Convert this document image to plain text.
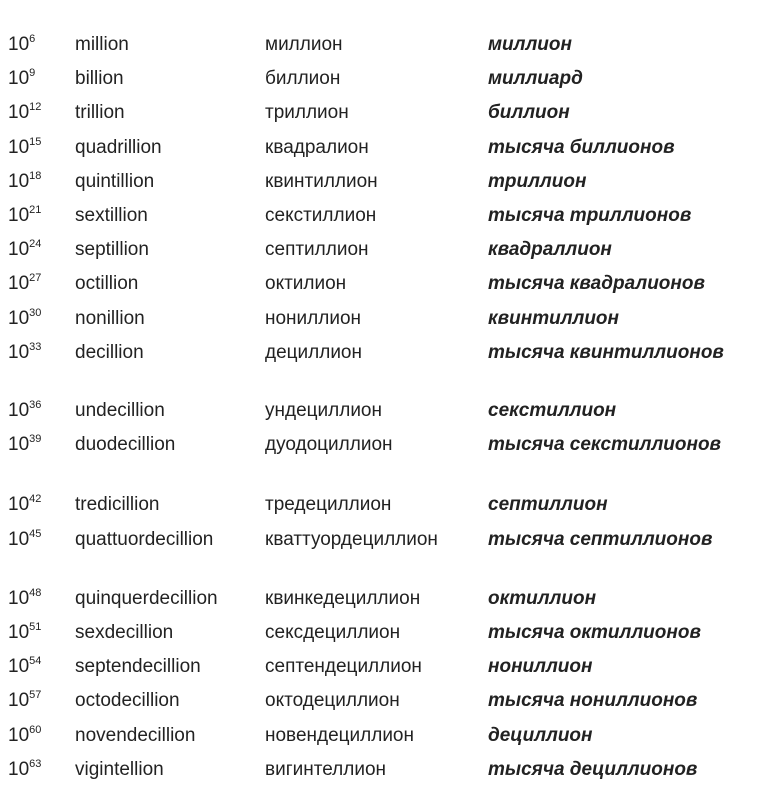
$10^6$ million	миллион	миллион
$10^9$ billion	биллион	миллиард
$10^{12}$ trillion	триллион	биллион
$10^{15}$ quadrillion	квадралион	тысяча биллионов
$10^{18}$ quintillion	квинтиллион	триллион
$10^{21}$ sextillion	секстиллион	тысяча триллионов
$10^{24}$ septillion	септиллион	квадраллион
$10^{27}$ octillion	октилион	тысяча квадралионов
$10^{30}$ nonillion	нониллион	квинтиллион
$10^{33}$ decillion	дециллион	тысяча квинтиллионов
$10^{36}$ undecillion	ундециллион	секстиллион
$10^{39}$ duodecillion	дуодоциллион	тысяча секстиллионов
$10^{42}$ tredicillion	тредециллион	септиллион
$10^{45}$ quattuordecillion	кваттуордециллион	тысяча септиллионов
$10^{48}$ quinquerdecillion квинкедециллион	октиллион
$10^{51}$ sexdecillion	сексдециллион	тысяча октиллионов
$10^{54}$ septendecillion	септендециллион	нониллион
$10^{57}$ octodecillion	октодециллион	тысяча нониллионов
$10^{60}$ novendecillion	новендециллион	дециллион
$10^{63}$ vigintellion	вигинтеллион	тысяча дециллионов
